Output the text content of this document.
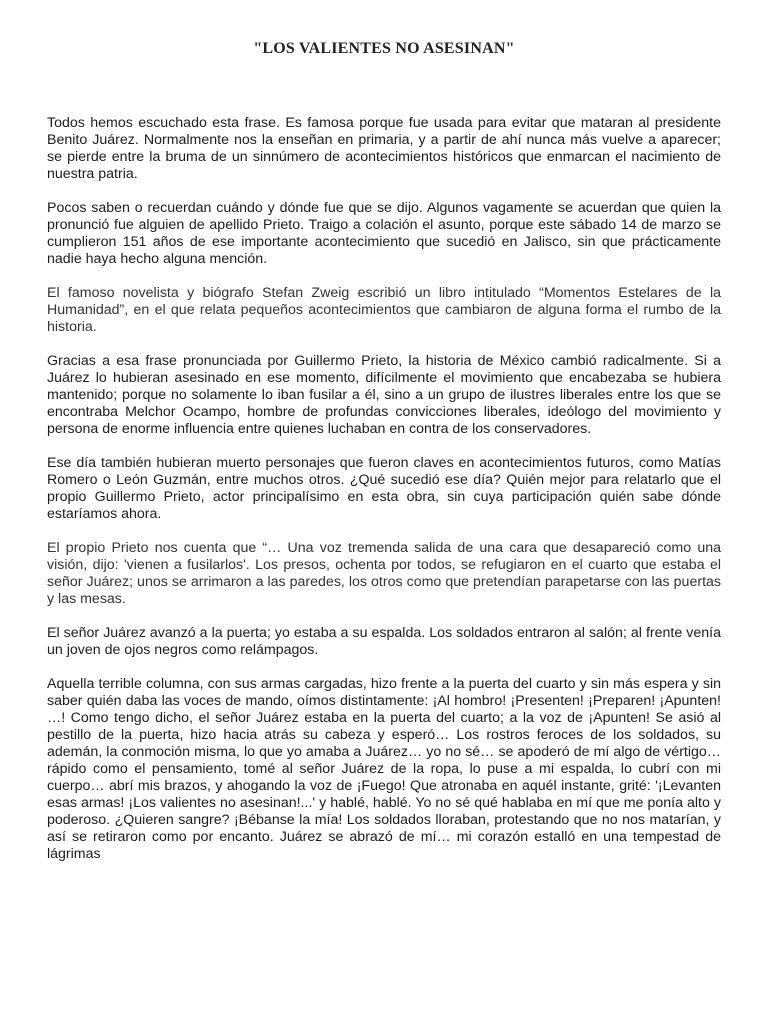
"LOS VALIENTES NO ASESINAN"

Todos hemos escuchado esta frase. Es famosa porque fue usada para evitar que mataran al presidente Benito Juárez. Normalmente nos la enseñan en primaria, y a partir de ahí nunca más vuelve a aparecer; se pierde entre la bruma de un sinnúmero de acontecimientos históricos que enmarcan el nacimiento de nuestra patria.

Pocos saben o recuerdan cuándo y dónde fue que se dijo. Algunos vagamente se acuerdan que quien la pronunció fue alguien de apellido Prieto. Traigo a colación el asunto, porque este sábado 14 de marzo se cumplieron 151 años de ese importante acontecimiento que sucedió en Jalisco, sin que prácticamente nadie haya hecho alguna mención.

El famoso novelista y biógrafo Stefan Zweig escribió un libro intitulado “Momentos Estelares de la Humanidad”, en el que relata pequeños acontecimientos que cambiaron de alguna forma el rumbo de la historia.

Gracias a esa frase pronunciada por Guillermo Prieto, la historia de México cambió radicalmente. Si a Juárez lo hubieran asesinado en ese momento, difícilmente el movimiento que encabezaba se hubiera mantenido; porque no solamente lo iban fusilar a él, sino a un grupo de ilustres liberales entre los que se encontraba Melchor Ocampo, hombre de profundas convicciones liberales, ideólogo del movimiento y persona de enorme influencia entre quienes luchaban en contra de los conservadores.

Ese día también hubieran muerto personajes que fueron claves en acontecimientos futuros, como Matías Romero o León Guzmán, entre muchos otros. ¿Qué sucedió ese día? Quién mejor para relatarlo que el propio Guillermo Prieto, actor principalísimo en esta obra, sin cuya participación quién sabe dónde estaríamos ahora.

El propio Prieto nos cuenta que “… Una voz tremenda salida de una cara que desapareció como una visión, dijo: 'vienen a fusilarlos'. Los presos, ochenta por todos, se refugiaron en el cuarto que estaba el señor Juárez; unos se arrimaron a las paredes, los otros como que pretendían parapetarse con las puertas y las mesas.

El señor Juárez avanzó a la puerta; yo estaba a su espalda. Los soldados entraron al salón; al frente venía un joven de ojos negros como relámpagos.

Aquella terrible columna, con sus armas cargadas, hizo frente a la puerta del cuarto y sin más espera y sin saber quién daba las voces de mando, oímos distintamente: ¡Al hombro! ¡Presenten! ¡Preparen! ¡Apunten! …! Como tengo dicho, el señor Juárez estaba en la puerta del cuarto; a la voz de ¡Apunten! Se asió al pestillo de la puerta, hizo hacia atrás su cabeza y esperó… Los rostros feroces de los soldados, su ademán, la conmoción misma, lo que yo amaba a Juárez… yo no sé… se apoderó de mí algo de vértigo… rápido como el pensamiento, tomé al señor Juárez de la ropa, lo puse a mi espalda, lo cubrí con mi cuerpo… abrí mis brazos, y ahogando la voz de ¡Fuego! Que atronaba en aquél instante, grité: '¡Levanten esas armas! ¡Los valientes no asesinan!...' y hablé, hablé. Yo no sé qué hablaba en mí que me ponía alto y poderoso. ¿Quieren sangre? ¡Bébanse la mía! Los soldados lloraban, protestando que no nos matarían, y así se retiraron como por encanto. Juárez se abrazó de mí… mi corazón estalló en una tempestad de lágrimas
